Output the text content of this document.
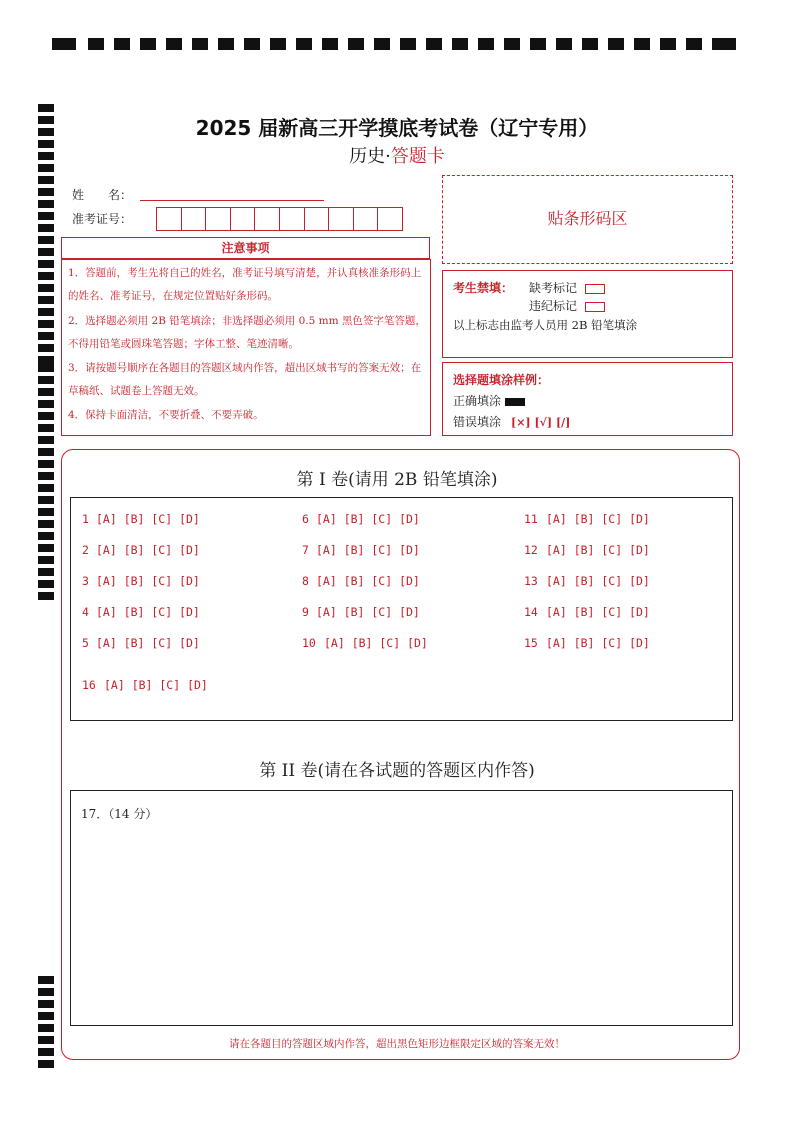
2025 届新高三开学摸底考试卷（辽宁专用）
历史·答题卡
姓　　名：
准考证号：	贴条形码区
注意事项
1．答题前，考生先将自己的姓名，准考证号填写清楚，并认真核准条形码上的姓名、准考证号，在规定位置贴好条形码。
2．选择题必须用 2B 铅笔填涂；非选择题必须用 0.5 mm 黑色签字笔答题，不得用铅笔或圆珠笔答题；字体工整、笔迹清晰。
3．请按题号顺序在各题目的答题区域内作答，超出区域书写的答案无效；在草稿纸、试题卷上答题无效。
4．保持卡面清洁，不要折叠、不要弄破。
考生禁填： 缺考标记
违纪标记
以上标志由监考人员用 2B 铅笔填涂
选择题填涂样例：
正确填涂
错误填涂 [×] [√] [/]
第 I 卷(请用 2B 铅笔填涂)
1[A] [B] [C] [D]
2[A] [B] [C] [D]
3[A] [B] [C] [D]
4[A] [B] [C] [D]
5[A] [B] [C] [D]
6[A] [B] [C] [D]
7[A] [B] [C] [D]
8[A] [B] [C] [D]
9[A] [B] [C] [D]
10[A] [B] [C] [D]
11[A] [B] [C] [D]
12[A] [B] [C] [D]
13[A] [B] [C] [D]
14[A] [B] [C] [D]
15[A] [B] [C] [D]
16[A] [B] [C] [D]
第 II 卷(请在各试题的答题区内作答)
17．（14 分）
请在各题目的答题区域内作答，超出黑色矩形边框限定区域的答案无效！
